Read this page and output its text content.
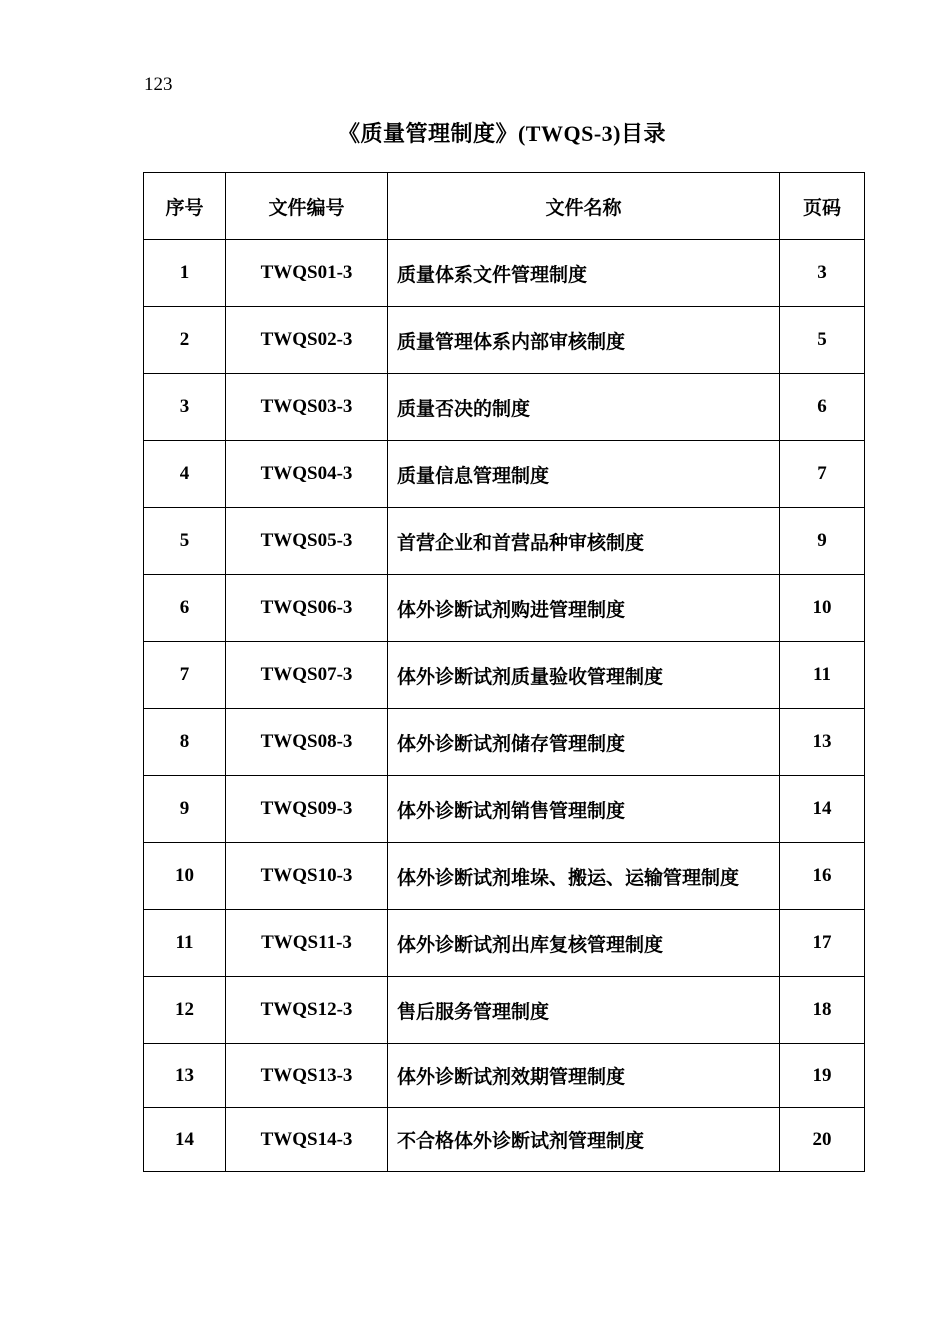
123
《质量管理制度》(TWQS-3)目录
序号	文件编号	文件名称	页码
1	TWQS01-3	质量体系文件管理制度	3
2	TWQS02-3	质量管理体系内部审核制度	5
3	TWQS03-3	质量否决的制度	6
4	TWQS04-3	质量信息管理制度	7
5	TWQS05-3	首营企业和首营品种审核制度	9
6	TWQS06-3	体外诊断试剂购进管理制度	10
7	TWQS07-3	体外诊断试剂质量验收管理制度	11
8	TWQS08-3	体外诊断试剂储存管理制度	13
9	TWQS09-3	体外诊断试剂销售管理制度	14
10	TWQS10-3	体外诊断试剂堆垛、搬运、运输管理制度	16
11	TWQS11-3	体外诊断试剂出库复核管理制度	17
12	TWQS12-3	售后服务管理制度	18
13	TWQS13-3	体外诊断试剂效期管理制度	19
14	TWQS14-3	不合格体外诊断试剂管理制度	20
